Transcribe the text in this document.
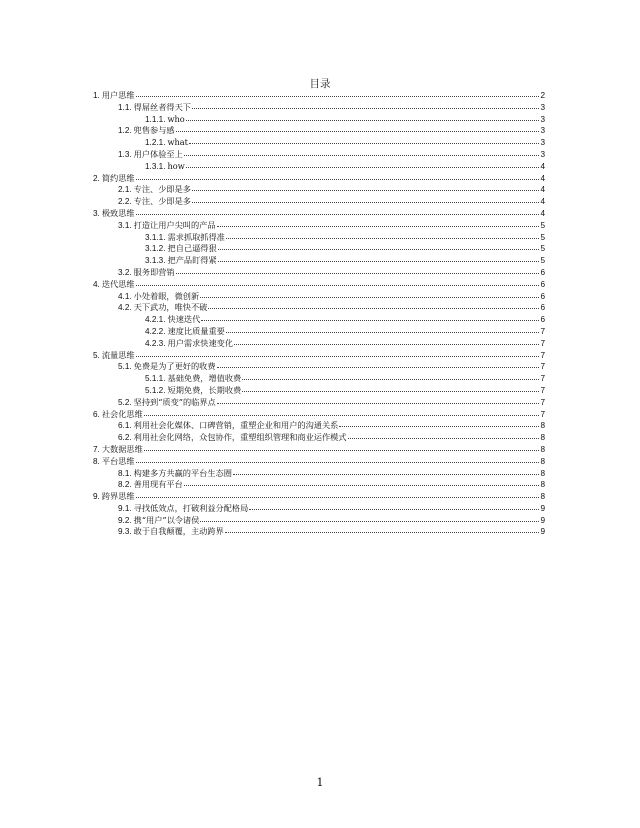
目录
1. 用户思维	2
1.1. 得屌丝者得天下	3
1.1.1. who	3
1.2. 兜售参与感	3
1.2.1. what	3
1.3. 用户体验至上	3
1.3.1. how	4
2. 简约思维	4
2.1. 专注、少即是多	4
2.2. 专注、少即是多	4
3. 极致思维	4
3.1. 打造让用户尖叫的产品	5
3.1.1. 需求抓取抓得准	5
3.1.2. 把自己逼得狠	5
3.1.3. 把产品盯得紧	5
3.2. 服务即营销	6
4. 迭代思维	6
4.1. 小处着眼，微创新	6
4.2. 天下武功，唯快不破	6
4.2.1. 快速迭代	6
4.2.2. 速度比质量重要	7
4.2.3. 用户需求快速变化	7
5. 流量思维	7
5.1. 免费是为了更好的收费	7
5.1.1. 基础免费，增值收费	7
5.1.2. 短期免费，长期收费	7
5.2. 坚持到“质变”的临界点	7
6. 社会化思维	7
6.1. 利用社会化媒体、口碑营销，重塑企业和用户的沟通关系	8
6.2. 利用社会化网络，众包协作，重塑组织管理和商业运作模式	8
7. 大数据思维	8
8. 平台思维	8
8.1. 构建多方共赢的平台生态圈	8
8.2. 善用现有平台	8
9. 跨界思维	8
9.1. 寻找低效点，打破利益分配格局	9
9.2. 携“用户”以令诸侯	9
9.3. 敢于自我颠覆，主动跨界	9
1
